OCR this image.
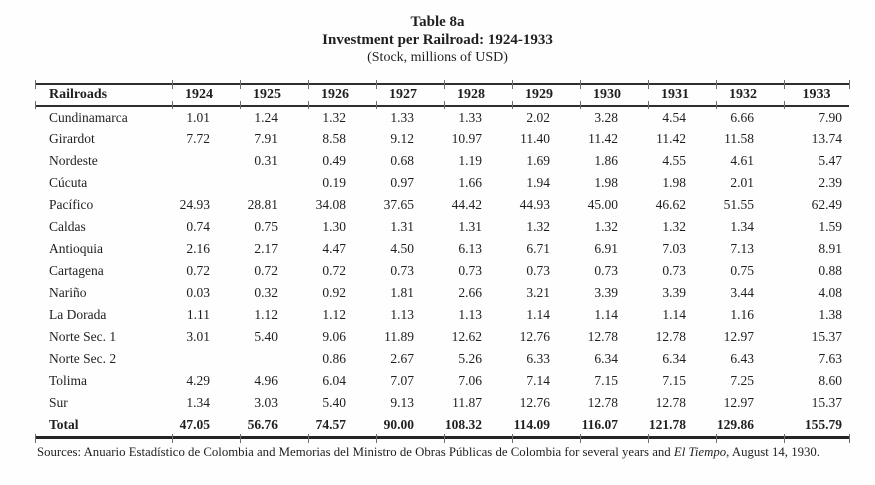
Table 8a
Investment per Railroad: 1924-1933
(Stock, millions of USD)
Railroads	1924	1925	1926	1927	1928	1929	1930	1931	1932	1933

Cundinamarca	1.01	1.24	1.32	1.33	1.33	2.02	3.28	4.54	6.66	7.90
Girardot	7.72	7.91	8.58	9.12	10.97	11.40	11.42	11.42	11.58	13.74
Nordeste		0.31	0.49	0.68	1.19	1.69	1.86	4.55	4.61	5.47
Cúcuta			0.19	0.97	1.66	1.94	1.98	1.98	2.01	2.39
Pacífico	24.93	28.81	34.08	37.65	44.42	44.93	45.00	46.62	51.55	62.49
Caldas	0.74	0.75	1.30	1.31	1.31	1.32	1.32	1.32	1.34	1.59
Antioquia	2.16	2.17	4.47	4.50	6.13	6.71	6.91	7.03	7.13	8.91
Cartagena	0.72	0.72	0.72	0.73	0.73	0.73	0.73	0.73	0.75	0.88
Nariño	0.03	0.32	0.92	1.81	2.66	3.21	3.39	3.39	3.44	4.08
La Dorada	1.11	1.12	1.12	1.13	1.13	1.14	1.14	1.14	1.16	1.38
Norte Sec. 1	3.01	5.40	9.06	11.89	12.62	12.76	12.78	12.78	12.97	15.37
Norte Sec. 2			0.86	2.67	5.26	6.33	6.34	6.34	6.43	7.63
Tolima	4.29	4.96	6.04	7.07	7.06	7.14	7.15	7.15	7.25	8.60
Sur	1.34	3.03	5.40	9.13	11.87	12.76	12.78	12.78	12.97	15.37
Total	47.05	56.76	74.57	90.00	108.32	114.09	116.07	121.78	129.86	155.79
Sources: Anuario Estadístico de Colombia and Memorias del Ministro de Obras Públicas de Colombia for several years and El Tiempo, August 14, 1930.
